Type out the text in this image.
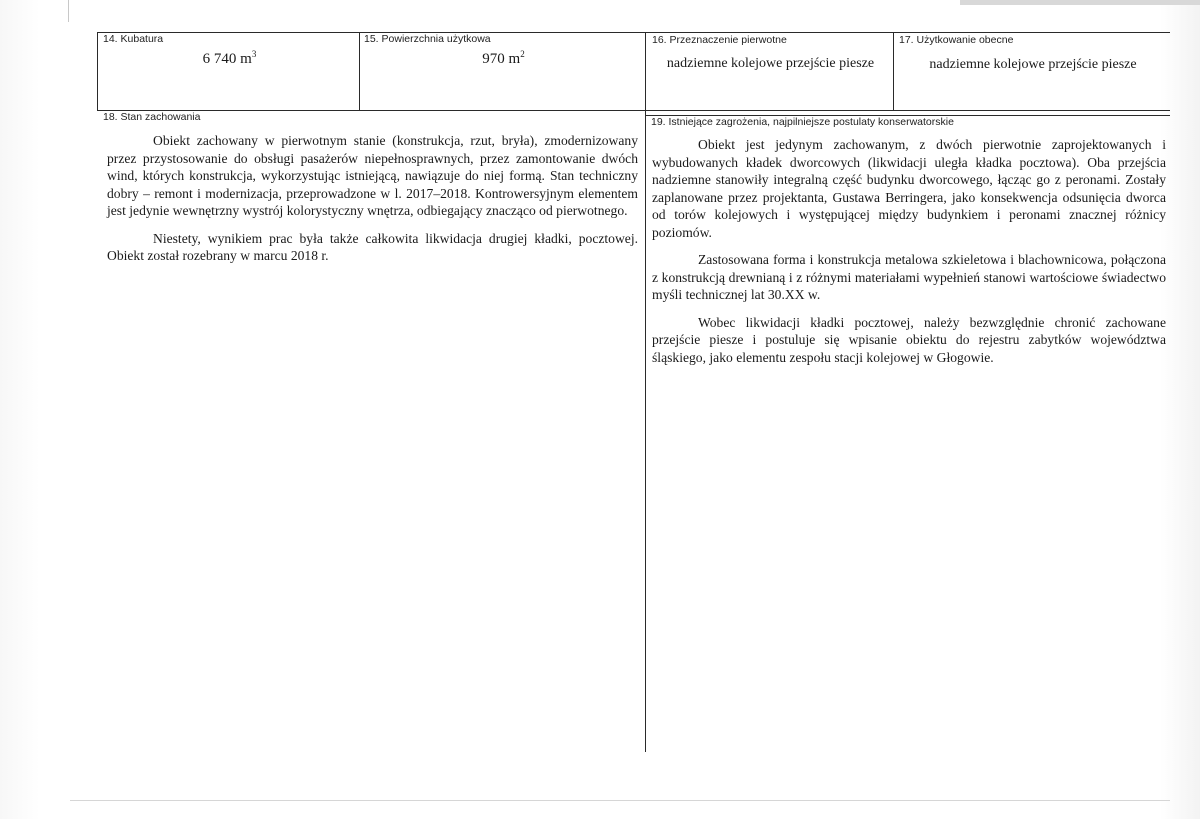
14. Kubatura
6 740 $m^3$
15. Powierzchnia użytkowa
970 $m^2$
16. Przeznaczenie pierwotne
nadziemne kolejowe przejście piesze
17. Użytkowanie obecne
nadziemne kolejowe przejście piesze
18. Stan zachowania

Obiekt zachowany w pierwotnym stanie (konstrukcja, rzut, bryła), zmodernizowany przez przystosowanie do obsługi pasażerów niepełnosprawnych, przez zamontowanie dwóch wind, których konstrukcja, wykorzystując istniejącą, nawiązuje do niej formą. Stan techniczny dobry – remont i modernizacja, przeprowadzone w l. 2017–2018. Kontrowersyjnym elementem jest jedynie wewnętrzny wystrój kolorystyczny wnętrza, odbiegający znacząco od pierwotnego.

Niestety, wynikiem prac była także całkowita likwidacja drugiej kładki, pocztowej. Obiekt został rozebrany w marcu 2018 r.

19. Istniejące zagrożenia, najpilniejsze postulaty konserwatorskie

Obiekt jest jedynym zachowanym, z dwóch pierwotnie zaprojektowanych i wybudowanych kładek dworcowych (likwidacji uległa kładka pocztowa). Oba przejścia nadziemne stanowiły integralną część budynku dworcowego, łącząc go z peronami. Zostały zaplanowane przez projektanta, Gustawa Berringera, jako konsekwencja odsunięcia dworca od torów kolejowych i występującej między budynkiem i peronami znacznej różnicy poziomów.

Zastosowana forma i konstrukcja metalowa szkieletowa i blachownicowa, połączona z konstrukcją drewnianą i z różnymi materiałami wypełnień stanowi wartościowe świadectwo myśli technicznej lat 30.XX w.

Wobec likwidacji kładki pocztowej, należy bezwzględnie chronić zachowane przejście piesze i postuluje się wpisanie obiektu do rejestru zabytków województwa śląskiego, jako elementu zespołu stacji kolejowej w Głogowie.
